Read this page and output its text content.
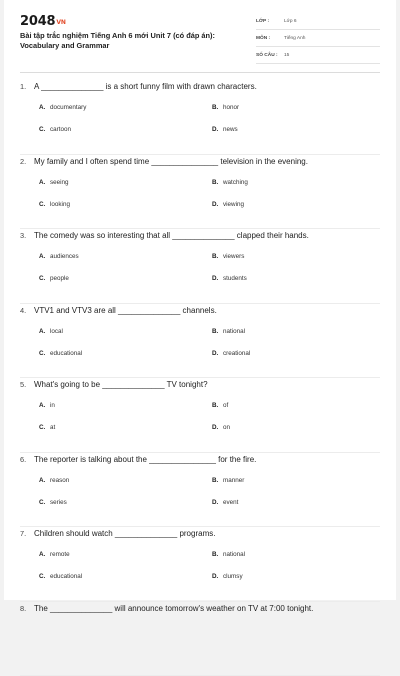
2048VN
Bài tập trắc nghiệm Tiếng Anh 6 mới Unit 7 (có đáp án): Vocabulary and Grammar
LỚP :	Lớp 6
MÔN :	Tiếng Anh
SỐ CÂU :	15
1. A ______________ is a short funny film with drawn characters.
A. documentary	B. honor
C. cartoon	D. news
2. My family and I often spend time _______________ television in the evening.
A. seeing	B. watching
C. looking	D. viewing
3. The comedy was so interesting that all ______________ clapped their hands.
A. audiences	B. viewers
C. people	D. students
4. VTV1 and VTV3 are all ______________ channels.
A. local	B. national
C. educational	D. creational
5. What's going to be ______________ TV tonight?
A. in	B. of
C. at	D. on
6. The reporter is talking about the _______________ for the fire.
A. reason	B. manner
C. series	D. event
7. Children should watch ______________ programs.
A. remote	B. national
C. educational	D. clumsy
8. The ______________ will announce tomorrow's weather on TV at 7:00 tonight.
